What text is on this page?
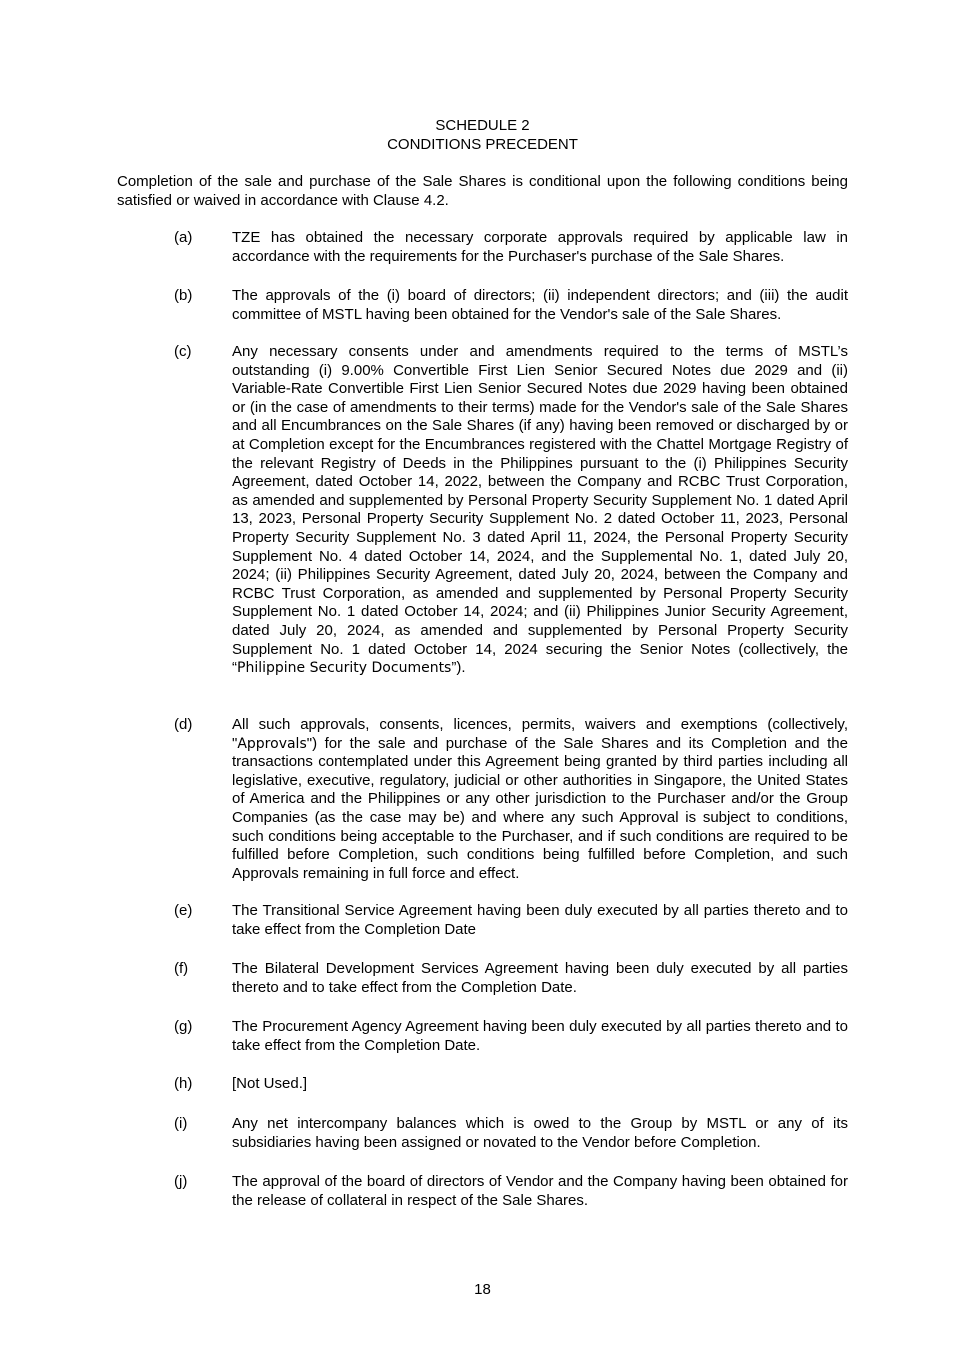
SCHEDULE 2
CONDITIONS PRECEDENT
Completion of the sale and purchase of the Sale Shares is conditional upon the following conditions being satisfied or waived in accordance with Clause 4.2.
(a)	TZE has obtained the necessary corporate approvals required by applicable law in accordance with the requirements for the Purchaser's purchase of the Sale Shares.
(b)	The approvals of the (i) board of directors; (ii) independent directors; and (iii) the audit committee of MSTL having been obtained for the Vendor's sale of the Sale Shares.
(c)	Any necessary consents under and amendments required to the terms of MSTL’s outstanding (i) 9.00% Convertible First Lien Senior Secured Notes due 2029 and (ii) Variable-Rate Convertible First Lien Senior Secured Notes due 2029 having been obtained or (in the case of amendments to their terms) made for the Vendor's sale of the Sale Shares and all Encumbrances on the Sale Shares (if any) having been removed or discharged by or at Completion except for the Encumbrances registered with the Chattel Mortgage Registry of the relevant Registry of Deeds in the Philippines pursuant to the (i) Philippines Security Agreement, dated October 14, 2022, between the Company and RCBC Trust Corporation, as amended and supplemented by Personal Property Security Supplement No. 1 dated April 13, 2023, Personal Property Security Supplement No. 2 dated October 11, 2023, Personal Property Security Supplement No. 3 dated April 11, 2024, the Personal Property Security Supplement No. 4 dated October 14, 2024, and the Supplemental No. 1, dated July 20, 2024; (ii) Philippines Security Agreement, dated July 20, 2024, between the Company and RCBC Trust Corporation, as amended and supplemented by Personal Property Security Supplement No. 1 dated October 14, 2024; and (ii) Philippines Junior Security Agreement, dated July 20, 2024, as amended and supplemented by Personal Property Security Supplement No. 1 dated October 14, 2024 securing the Senior Notes (collectively, the “Philippine Security Documents”).
(d)	All such approvals, consents, licences, permits, waivers and exemptions (collectively, "Approvals") for the sale and purchase of the Sale Shares and its Completion and the transactions contemplated under this Agreement being granted by third parties including all legislative, executive, regulatory, judicial or other authorities in Singapore, the United States of America and the Philippines or any other jurisdiction to the Purchaser and/or the Group Companies (as the case may be) and where any such Approval is subject to conditions, such conditions being acceptable to the Purchaser, and if such conditions are required to be fulfilled before Completion, such conditions being fulfilled before Completion, and such Approvals remaining in full force and effect.
(e)	The Transitional Service Agreement having been duly executed by all parties thereto and to take effect from the Completion Date
(f)	The Bilateral Development Services Agreement having been duly executed by all parties thereto and to take effect from the Completion Date.
(g)	The Procurement Agency Agreement having been duly executed by all parties thereto and to take effect from the Completion Date.
(h)	[Not Used.]
(i)	Any net intercompany balances which is owed to the Group by MSTL or any of its subsidiaries having been assigned or novated to the Vendor before Completion.
(j)	The approval of the board of directors of Vendor and the Company having been obtained for the release of collateral in respect of the Sale Shares.
18
